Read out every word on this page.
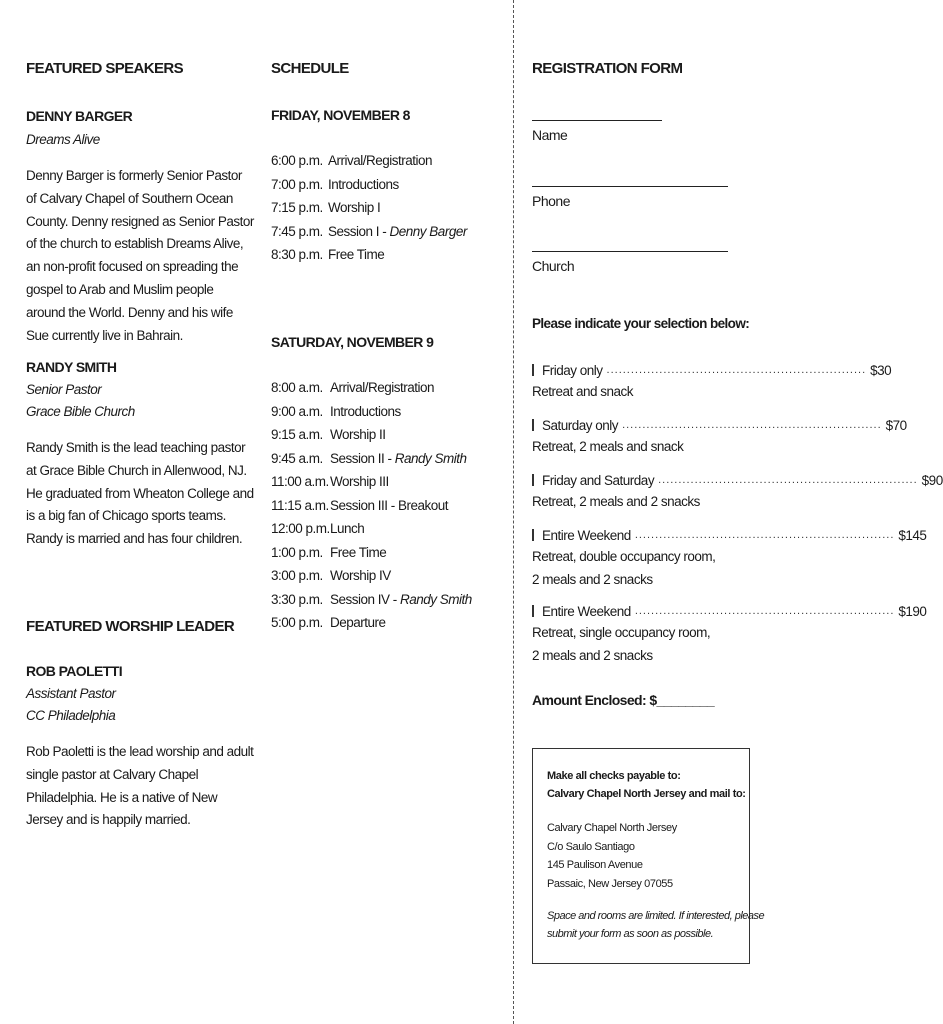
FEATURED SPEAKERS
DENNY BARGER
Dreams Alive

Denny Barger is formerly Senior Pastor of Calvary Chapel of Southern Ocean County. Denny resigned as Senior Pastor of the church to establish Dreams Alive, an non-profit focused on spreading the gospel to Arab and Muslim people around the World. Denny and his wife Sue currently live in Bahrain.

RANDY SMITH
Senior Pastor
Grace Bible Church

Randy Smith is the lead teaching pastor at Grace Bible Church in Allenwood, NJ. He graduated from Wheaton College and is a big fan of Chicago sports teams. Randy is married and has four children.

FEATURED WORSHIP LEADER
ROB PAOLETTI
Assistant Pastor
CC Philadelphia

Rob Paoletti is the lead worship and adult single pastor at Calvary Chapel Philadelphia. He is a native of New Jersey and is happily married.

SCHEDULE
FRIDAY, NOVEMBER 8
6:00 p.m. Arrival/Registration
7:00 p.m. Introductions
7:15 p.m. Worship I
7:45 p.m. Session I - Denny Barger
8:30 p.m. Free Time
SATURDAY, NOVEMBER 9
8:00 a.m. Arrival/Registration
9:00 a.m. Introductions
9:15 a.m. Worship II
9:45 a.m. Session II - Randy Smith
11:00 a.m. Worship III
11:15 a.m. Session III - Breakout
12:00 p.m. Lunch
1:00 p.m. Free Time
3:00 p.m. Worship IV
3:30 p.m. Session IV - Randy Smith
5:00 p.m. Departure
REGISTRATION FORM

Name

Phone

Church

Please indicate your selection below:

Friday only ................................................................ $30
Retreat and snack
Saturday only ................................................................ $70
Retreat, 2 meals and snack
Friday and Saturday ................................................................ $90
Retreat, 2 meals and 2 snacks
Entire Weekend ................................................................ $145
Retreat, double occupancy room,
2 meals and 2 snacks
Entire Weekend ................................................................ $190
Retreat, single occupancy room,
2 meals and 2 snacks

Amount Enclosed: $________

Make all checks payable to:
Calvary Chapel North Jersey and mail to:
Calvary Chapel North Jersey
C/o Saulo Santiago
145 Paulison Avenue
Passaic, New Jersey 07055
Space and rooms are limited. If interested, please
submit your form as soon as possible.
